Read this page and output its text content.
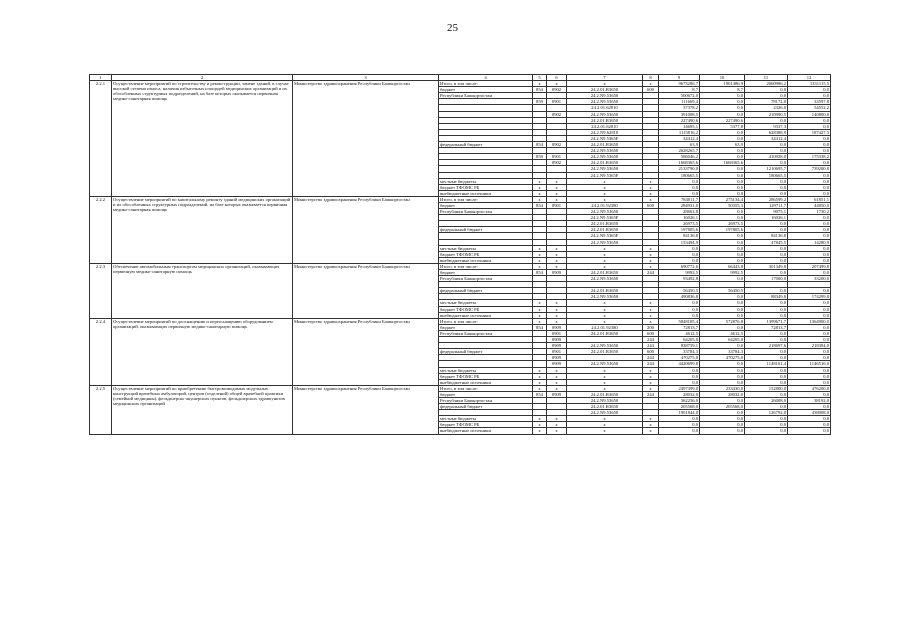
25
1	2	3	4	5	6	7	8	9	10	11	12
2.2.1	Осуществление мероприятий по строительству и реконструкции, замене зданий, в случае высокой степени износа, наличия избыточных площадей медицинских организаций и их обособленных структурных подразделений, на базе которых оказывается первичная медико-санитарная помощь	Министерство здравоохранения Республики Башкортостан	Итого, в том числе:	х	х	х	х	9673286,7	1901486,9	2060986,2	1331115,5
			бюджет	854	0902	24.2.01.R3650	600	8,7	8,7	0,0	0,0
			Республики Башкортостан			24.2.N9.53650		500672,0	0,0	0,0	0,0
				859	0901	24.2.N9.53650		111669,4	0,0	78172,0	33597,8
						24.2.01.62810		37378,2	0,0	2326,0	54552,2
					0902	24.2.N9.53650		391008,5	0,0	210990,5	140800,0
						24.2.01.R3650		227490,6	227490,6	0,0	0,0
						24.2.01.62810		14695,1	5377,8	9337,3	0,0
						24.2.N9.62810		1115816,2	0,0	628388,9	187427,3
						24.2.N9.5365F		34412,4	0,0	34412,4	0,0
			федеральный бюджет	854	0902	24.2.01.R3650		63,9	63,9	0,0	0,0
						24.2.N9.53650		2628265,7	0,0	0,0	0,0
				859	0901	24.2.N9.53650		586046,2	0,0	410928,0	175338,2
					0902	24.2.01.R3650		1668365,6	1668365,6	0,0	0,0
						24.2.N9.53650		2133790,0	0,0	1210695,7	739200,0
						24.2.N9.5365F		180665,5	0,0	180665,5	0,0
			местные бюджеты	х	х	х	х	0,0	0,0	0,0	0,0
			бюджет ТФОМС РБ	х	х	х	х	0,0	0,0	0,0	0,0
			внебюджетные источники	х	х	х	х	0,0	0,0	0,0	0,0
2.2.2	Осуществление мероприятий по капитальному ремонту зданий медицинских организаций и их обособленных структурных подразделений, на базе которых оказывается первичная медико-санитарная помощь	Министерство здравоохранения Республики Башкортостан	Итого, в том числе:	х	х	х	х	784011,7	275134,4	286599,2	61851,1
			бюджет	854	0901	24.2.01.92380	600	284931,0	50355,3	129711,7	44850,0
			Республики Башкортостан			24.2.N9.53650		28663,8	0,0	9075,1	1730,2
						24.2.N9.5365F		16026,1	0,0	16026,1	0,0
						24.2.01.R3650		26973,5	26973,5	0,0	0,0
			федеральный бюджет			24.2.01.R3650		197805,6	197805,6	0,0	0,0
						24.2.N9.5365F		84136,8	0,0	84136,8	0,0
						24.2.N9.53650		153494,9	0,0	47845,5	14280,9
			местные бюджеты	х	х	х	х	0,0	0,0	0,0	0,0
			бюджет ТФОМС РБ	х	х	х	х	0,0	0,0	0,0	0,0
			внебюджетные источники	х	х	х	х	0,0	0,0	0,0	0,0
2.2.3	Обеспечение автомобильным транспортом медицинских организаций, оказывающих первичную медико-санитарную помощь	Министерство здравоохранения Республики Башкортостан	Итого, в том числе:	х	х	х	х	690772,6	66443,8	301349,8	207499,8
			бюджет	854	0909	24.2.01.R3650	244	9992,5	9992,5	0,0	0,0
			Республики Башкортостан			24.2.N9.53650		93492,8	0,0	17000,0	33200,0

			федеральный бюджет			24.2.01.R3650		56450,5	56450,5	0,0	0,0
						24.2.N9.53650		490836,8	0,0	88349,8	174299,8
			местные бюджеты	х	х	х	х	0,0	0,0	0,0	0,0
			бюджет ТФОМС РБ	х	х	х	х	0,0	0,0	0,0	0,0
			внебюджетные источники	х	х	х	х	0,0	0,0	0,0	0,0
2.2.4	Осуществление мероприятий по дооснащению и переоснащению оборудованием организаций, оказывающих первичную медико-санитарную помощь	Министерство здравоохранения Республики Башкортостан	Итого, в том числе:	х	х	х	х	5848185,4	572876,8	1399671,7	1364900,0
			бюджет	854	0909	24.2.01.92380	200	72813,7	0,0	72813,7	0,0
			Республики Башкортостан		0901	24.2.01.R3650	600	4612,5	4612,5	0,0	0,0
					0909		244	64205,0	64205,0	0,0	0,0
					0909	24.2.N9.53650	244	838759,1	0,0	218697,6	218384,0
			федеральный бюджет		0901	24.2.01.R3650	600	33784,3	33784,3	0,0	0,0
					0909		244	470275,0	470275,0	0,0	0,0
					0909	24.2.N9.53650	244	4420699,8	0,0	1148161,4	1146516,0
			местные бюджеты	х	х	х	х	0,0	0,0	0,0	0,0
			бюджет ТФОМС РБ	х	х	х	х	0,0	0,0	0,0	0,0
			внебюджетные источники	х	х	х	х	0,0	0,0	0,0	0,0
2.2.5	Осуществление мероприятий по приобретению быстровозводимых модульных конструкций врачебных амбулаторий, центров (отделений) общей врачебной практики (семейной медицины), фельдшерско-акушерских пунктов, фельдшерских здравпунктов медицинских организаций	Министерство здравоохранения Республики Башкортостан	Итого, в том числе:	х	х	х	х	2497399,0	233430,0	152800,0	476200,0
			бюджет	854	0909	24.2.01.R3650	244	28032,0	28032,0	0,0	0,0
			Республики Башкортостан			24.2.N9.53650		362256,0	0,0	26008,0	38192,0
			федеральный бюджет			24.2.01.R3650		205568,0	205568,0	0,0	0,0
						24.2.N9.53650		1901844,0	0,0	126792,0	438008,0
			местные бюджеты	х	х	х	х	0,0	0,0	0,0	0,0
			бюджет ТФОМС РБ	х	х	х	х	0,0	0,0	0,0	0,0
			внебюджетные источники	х	х	х	х	0,0	0,0	0,0	0,0
